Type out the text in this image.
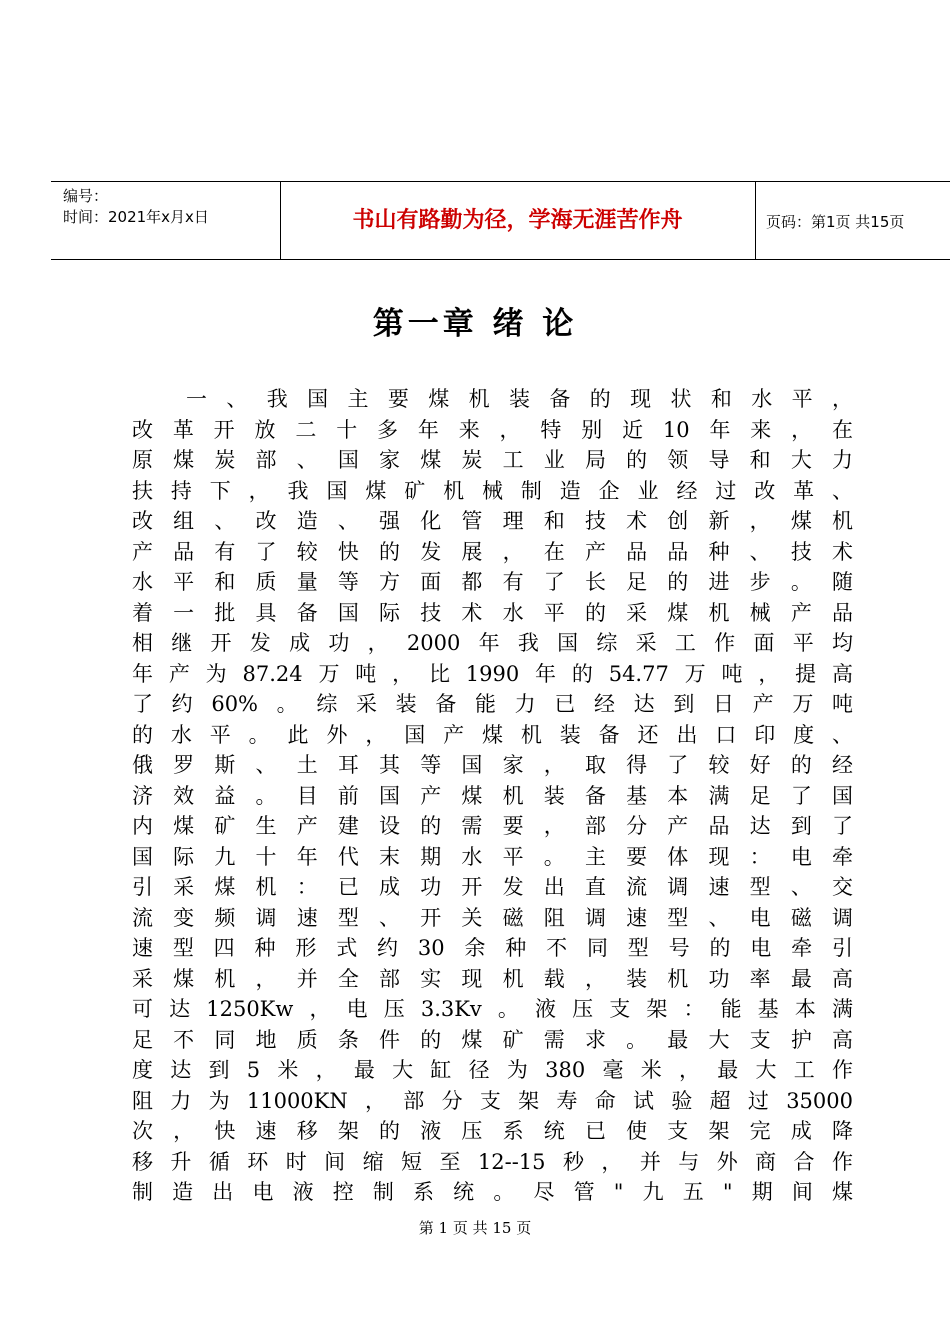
编号：
时间：2021年x月x日	书山有路勤为径，学海无涯苦作舟	页码：第1页 共15页
第一章 绪 论
一、我国主要煤机装备的现状和水平，
改革开放二十多年来，特别近10年来，在
原煤炭部、国家煤炭工业局的领导和大力
扶持下，我国煤矿机械制造企业经过改革、
改组、改造、强化管理和技术创新，煤机
产品有了较快的发展，在产品品种、技术
水平和质量等方面都有了长足的进步。随
着一批具备国际技术水平的采煤机械产品
相继开发成功，2000年我国综采工作面平均
年产为87.24万吨，比1990年的54.77万吨，提高
了约60%。综采装备能力已经达到日产万吨
的水平。此外，国产煤机装备还出口印度、
俄罗斯、土耳其等国家，取得了较好的经
济效益。目前国产煤机装备基本满足了国
内煤矿生产建设的需要，部分产品达到了
国际九十年代末期水平。主要体现：电牵
引采煤机：已成功开发出直流调速型、交
流变频调速型、开关磁阻调速型、电磁调
速型四种形式约30余种不同型号的电牵引
采煤机，并全部实现机载，装机功率最高
可达1250Kw，电压3.3Kv。液压支架：能基本满
足不同地质条件的煤矿需求。最大支护高
度达到5米，最大缸径为380毫米，最大工作
阻力为11000KN，部分支架寿命试验超过35000
次，快速移架的液压系统已使支架完成降
移升循环时间缩短至12--15秒，并与外商合作
制造出电液控制系统。尽管"九五"期间煤
第 1 页 共 15 页
